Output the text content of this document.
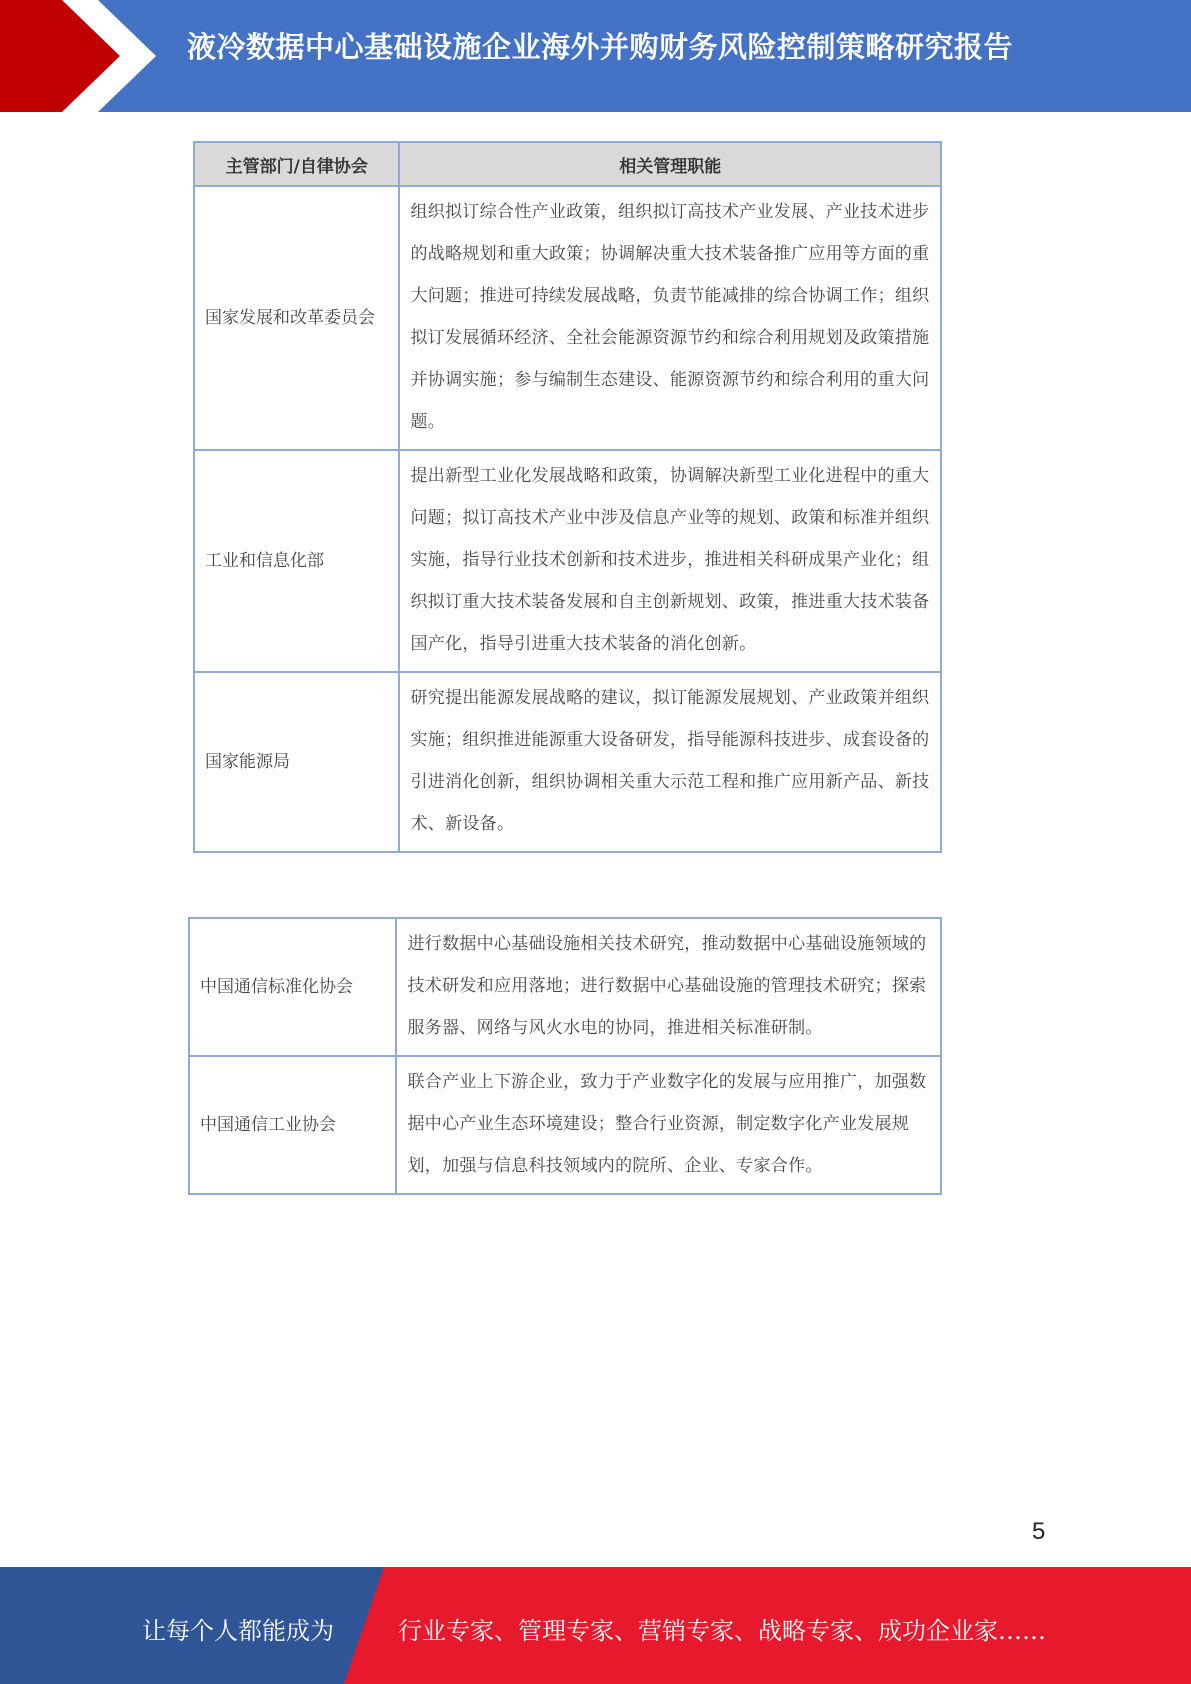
液冷数据中心基础设施企业海外并购财务风险控制策略研究报告
主管部门/自律协会	相关管理职能
国家发展和改革委员会	组织拟订综合性产业政策，组织拟订高技术产业发展、产业技术进步的战略规划和重大政策；协调解决重大技术装备推广应用等方面的重大问题；推进可持续发展战略，负责节能减排的综合协调工作；组织拟订发展循环经济、全社会能源资源节约和综合利用规划及政策措施并协调实施；参与编制生态建设、能源资源节约和综合利用的重大问题。
工业和信息化部	提出新型工业化发展战略和政策，协调解决新型工业化进程中的重大问题；拟订高技术产业中涉及信息产业等的规划、政策和标准并组织实施，指导行业技术创新和技术进步，推进相关科研成果产业化；组织拟订重大技术装备发展和自主创新规划、政策，推进重大技术装备国产化，指导引进重大技术装备的消化创新。
国家能源局	研究提出能源发展战略的建议，拟订能源发展规划、产业政策并组织实施；组织推进能源重大设备研发，指导能源科技进步、成套设备的引进消化创新，组织协调相关重大示范工程和推广应用新产品、新技术、新设备。
中国通信标准化协会	进行数据中心基础设施相关技术研究，推动数据中心基础设施领域的技术研发和应用落地；进行数据中心基础设施的管理技术研究；探索服务器、网络与风火水电的协同，推进相关标准研制。
中国通信工业协会	联合产业上下游企业，致力于产业数字化的发展与应用推广，加强数据中心产业生态环境建设；整合行业资源，制定数字化产业发展规划，加强与信息科技领域内的院所、企业、专家合作。
5
让每个人都能成为	行业专家、管理专家、营销专家、战略专家、成功企业家……
